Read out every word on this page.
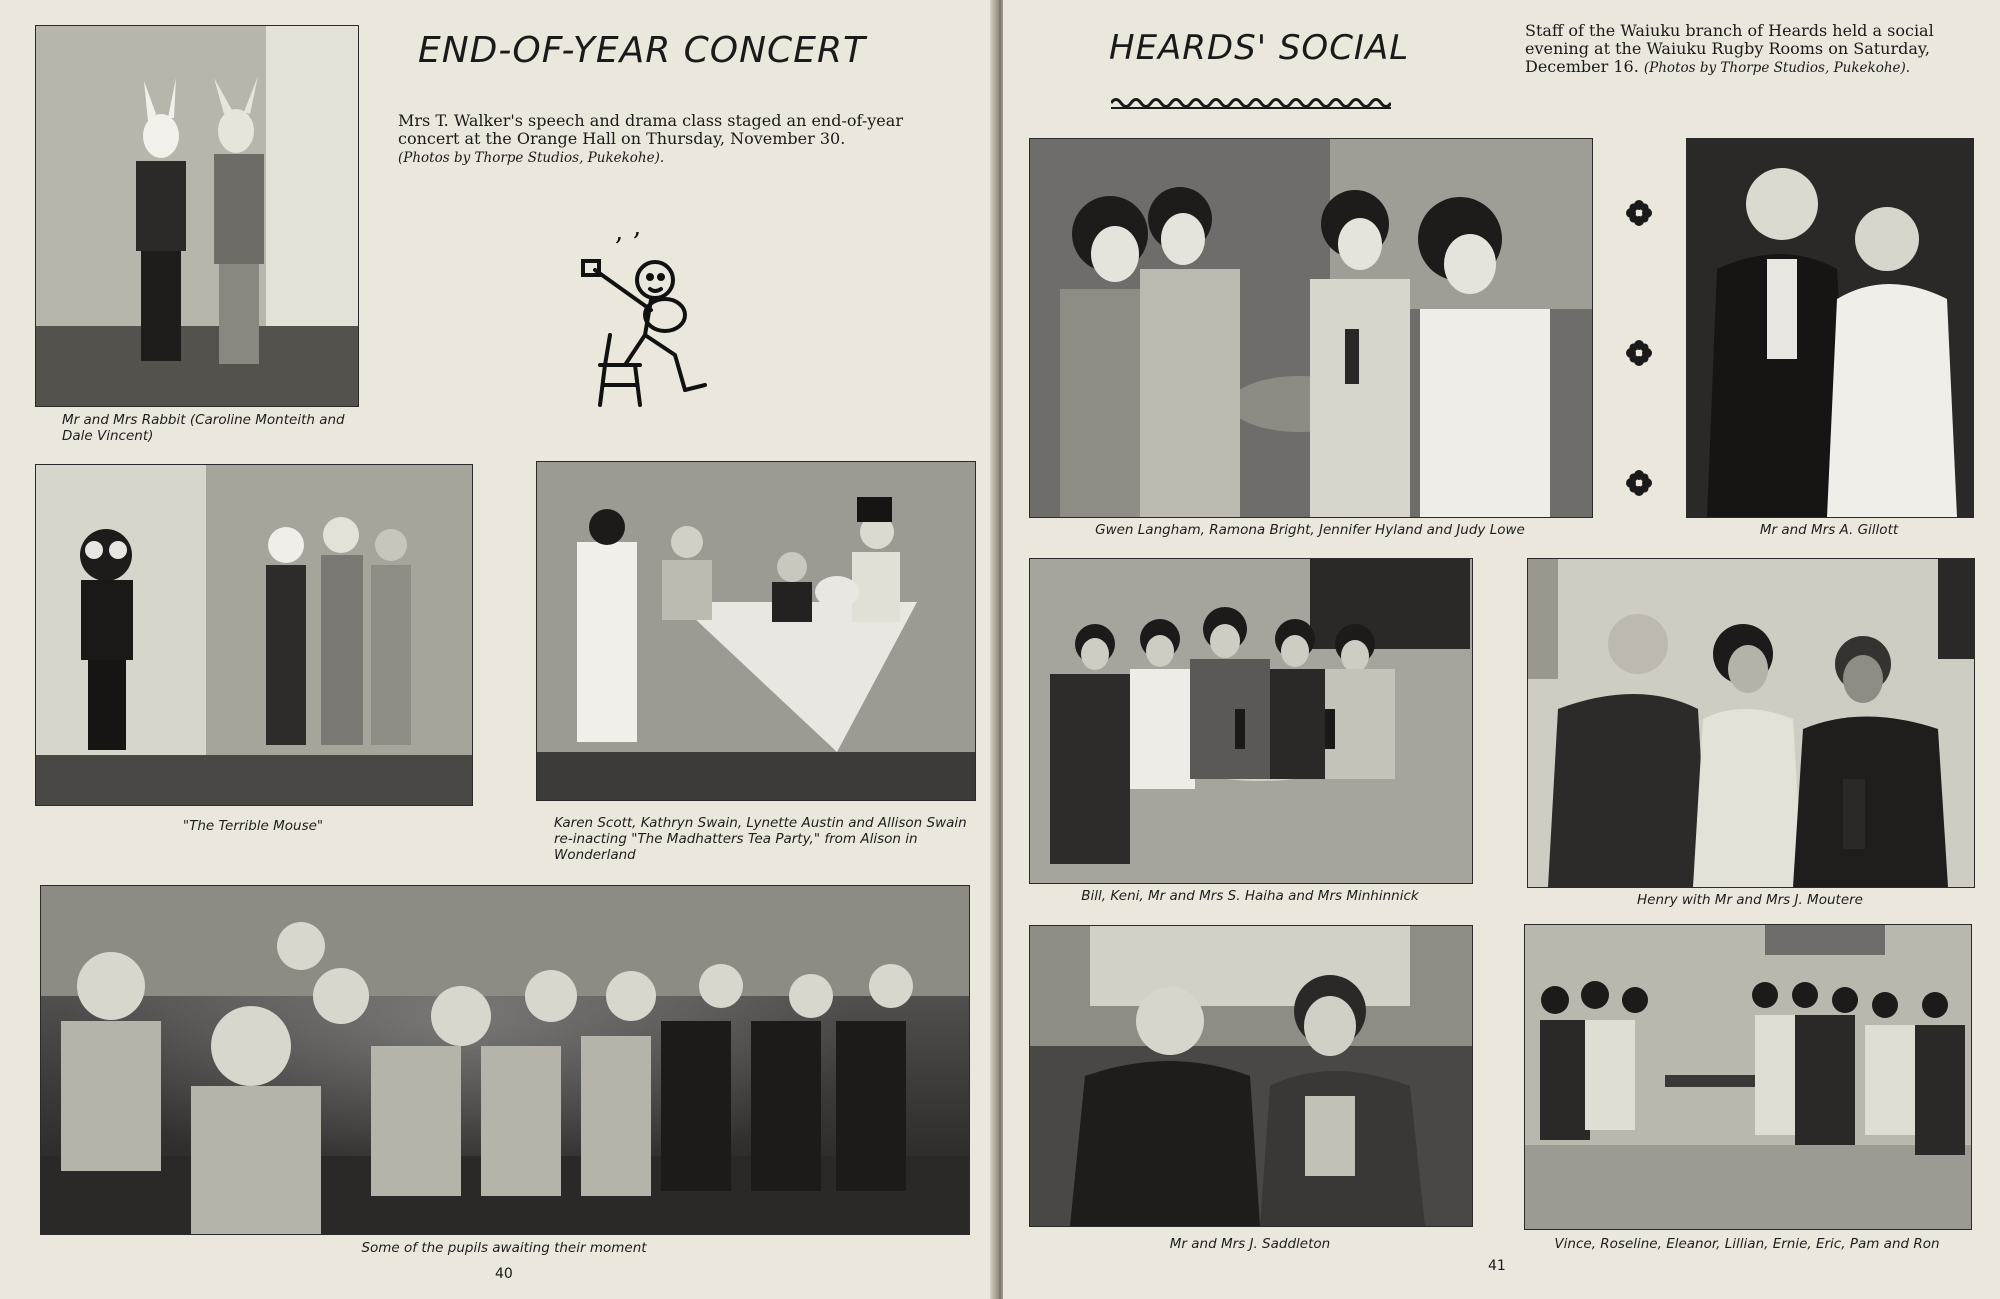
Mr and Mrs Rabbit (Caroline Monteith and Dale Vincent)
END-OF-YEAR CONCERT
Mrs T. Walker's speech and drama class staged an end-of-year concert at the Orange Hall on Thursday, November 30.
(Photos by Thorpe Studios, Pukekohe).
, ,
"The Terrible Mouse"	Karen Scott, Kathryn Swain, Lynette Austin and Allison Swain re-inacting "The Madhatters Tea Party," from Alison in Wonderland
Some of the pupils awaiting their moment
40
HEARDS' SOCIAL	Staff of the Waiuku branch of Heards held a social evening at the Waiuku Rugby Rooms on Saturday, December 16. (Photos by Thorpe Studios, Pukekohe).
Gwen Langham, Ramona Bright, Jennifer Hyland and Judy Lowe	Mr and Mrs A. Gillott
Bill, Keni, Mr and Mrs S. Haiha and Mrs Minhinnick	Henry with Mr and Mrs J. Moutere
Mr and Mrs J. Saddleton	Vince, Roseline, Eleanor, Lillian, Ernie, Eric, Pam and Ron
41
